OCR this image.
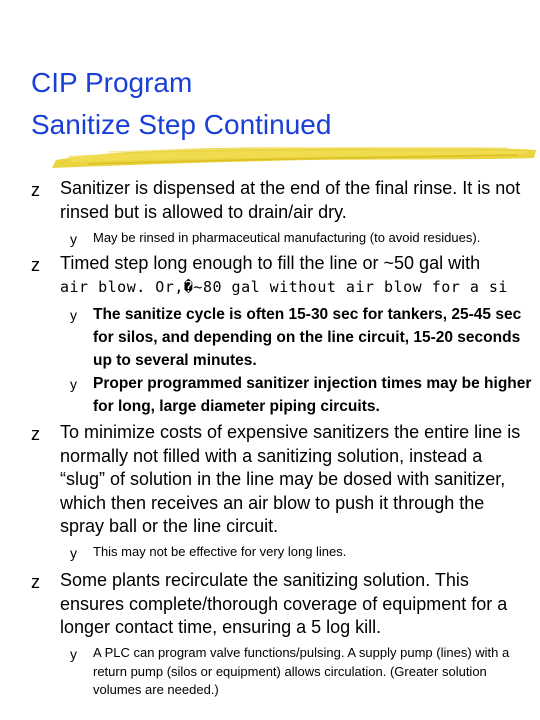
CIP Program
Sanitize Step Continued
z Sanitizer is dispensed at the end of the final rinse. It is not rinsed but is allowed to drain/air dry.
y May be rinsed in pharmaceutical manufacturing (to avoid residues).
z Timed step long enough to fill the line or ~50 gal with
air blow. Or,�~80 gal without air blow for a si
y The sanitize cycle is often 15-30 sec for tankers, 25-45 sec for silos, and depending on the line circuit, 15-20 seconds up to several minutes.
y Proper programmed sanitizer injection times may be higher for long, large diameter piping circuits.
z To minimize costs of expensive sanitizers the entire line is normally not filled with a sanitizing solution, instead a “slug” of solution in the line may be dosed with sanitizer, which then receives an air blow to push it through the spray ball or the line circuit.
y This may not be effective for very long lines.
z Some plants recirculate the sanitizing solution. This ensures complete/thorough coverage of equipment for a longer contact time, ensuring a 5 log kill.
y A PLC can program valve functions/pulsing. A supply pump (lines) with a return pump (silos or equipment) allows circulation. (Greater solution volumes are needed.)
